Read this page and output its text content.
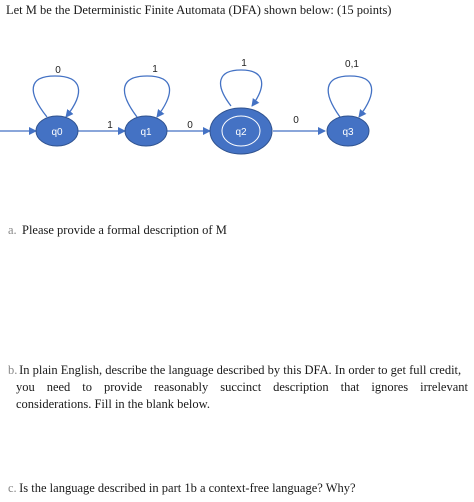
Let M be the Deterministic Finite Automata (DFA) shown below: (15 points)
0
1
1
0
1
0
0,1
q0	q1	q2	q3
a. Please provide a formal description of M
b. In plain English, describe the language described by this DFA. In order to get full credit,
you need to provide reasonably succinct description that ignores irrelevant
considerations. Fill in the blank below.
c. Is the language described in part 1b a context-free language? Why?
